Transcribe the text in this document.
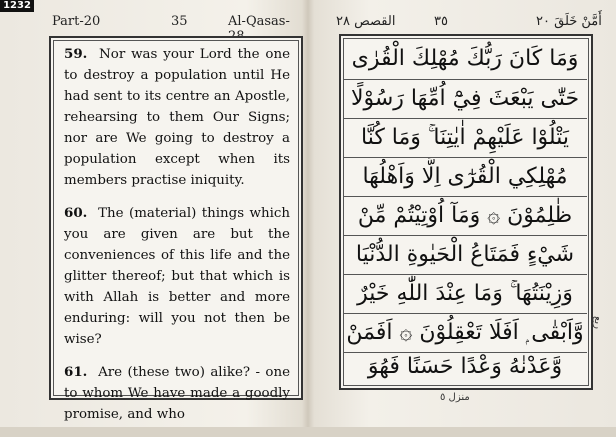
1232
Part-20	35	Al-Qasas-

59. Nor was your Lord the one to destroy a population until He had sent to its centre an Apostle, rehearsing to them Our Signs; nor are We going to destroy a population except when its members practise iniquity.

60. The (material) things which you are given are but the conveniences of this life and the glitter thereof; but that which is with Allah is better and more enduring: will you not then be wise?

61. Are (these two) alike? - one to whom We have made a goodly promise, and who

القصص ٢٨	٣٥	أَمَّنْ خَلَقَ ٢٠
وَمَا كَانَ رَبُّكَ مُهْلِكَ الْقُرٰى
حَتّٰى يَبْعَثَ فِيْٓ اُمِّهَا رَسُوْلًا
يَتْلُوْا عَلَيْهِمْ اٰيٰتِنَا ۚ وَمَا كُنَّا
مُهْلِكِي الْقُرٰٓى اِلَّا وَاَهْلُهَا
ظٰلِمُوْنَ ۞ وَمَآ اُوْتِيْتُمْ مِّنْ
شَيْءٍ فَمَتَاعُ الْحَيٰوةِ الدُّنْيَا
وَزِيْنَتُهَا ۚ وَمَا عِنْدَ اللّٰهِ خَيْرٌ
وَّاَبْقٰى ۭ اَفَلَا تَعْقِلُوْنَ ۞ اَفَمَنْ
وَّعَدْنٰهُ وَعْدًا حَسَنًا فَهُوَ
ربع
منزل ٥
